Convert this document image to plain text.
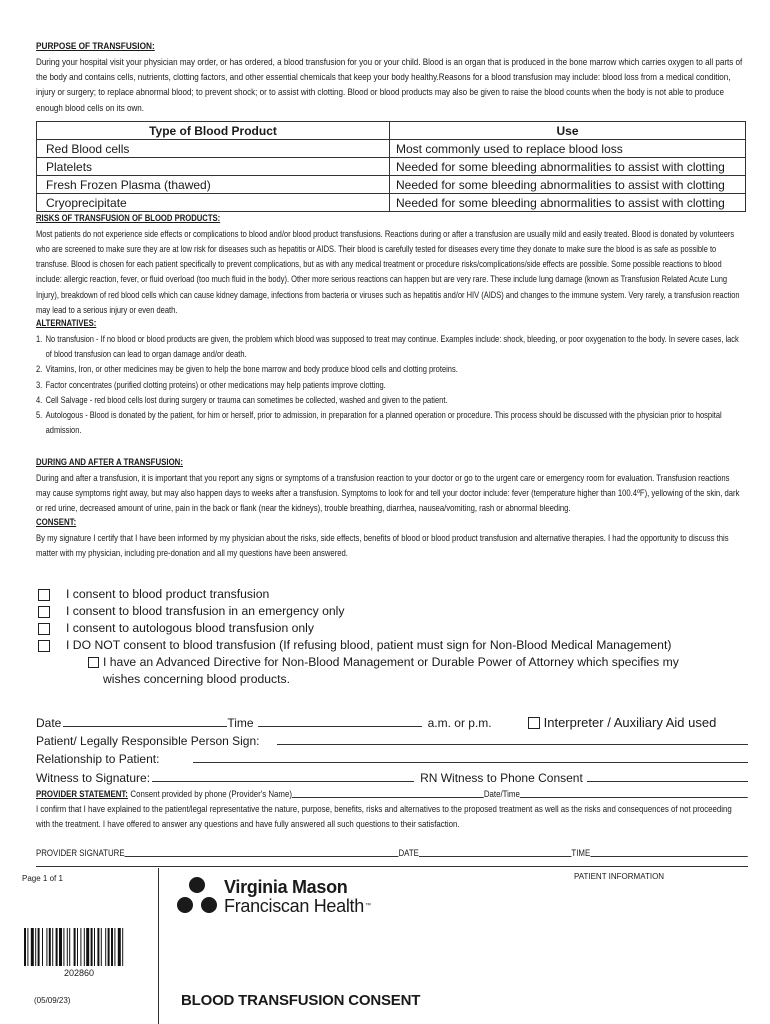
PURPOSE OF TRANSFUSION:

During your hospital visit your physician may order, or has ordered, a blood transfusion for you or your child. Blood is an organ that is produced in the bone marrow which carries oxygen to all parts of the body and contains cells, nutrients, clotting factors, and other essential chemicals that keep your body healthy.Reasons for a blood transfusion may include: blood loss from a medical condition, injury or surgery; to replace abnormal blood; to prevent shock; or to assist with clotting. Blood or blood products may also be given to raise the blood counts when the body is not able to produce enough blood cells on its own.

Type of Blood Product	Use
Red Blood cells	Most commonly used to replace blood loss
Platelets	Needed for some bleeding abnormalities to assist with clotting
Fresh Frozen Plasma (thawed)	Needed for some bleeding abnormalities to assist with clotting
Cryoprecipitate	Needed for some bleeding abnormalities to assist with clotting
RISKS OF TRANSFUSION OF BLOOD PRODUCTS:

Most patients do not experience side effects or complications to blood and/or blood product transfusions. Reactions during or after a transfusion are usually mild and easily treated. Blood is donated by volunteers who are screened to make sure they are at low risk for diseases such as hepatitis or AIDS. Their blood is carefully tested for diseases every time they donate to make sure the blood is as safe as possible to transfuse. Blood is chosen for each patient specifically to prevent complications, but as with any medical treatment or procedure risks/complications/side effects are possible. Some possible reactions to blood include: allergic reaction, fever, or fluid overload (too much fluid in the body). Other more serious reactions can happen but are very rare. These include lung damage (known as Transfusion Related Acute Lung Injury), breakdown of red blood cells which can cause kidney damage, infections from bacteria or viruses such as hepatitis and/or HIV (AIDS) and changes to the immune system. Very rarely, a transfusion reaction may lead to a serious injury or even death.

ALTERNATIVES:
1. No transfusion - If no blood or blood products are given, the problem which blood was supposed to treat may continue. Examples include: shock, bleeding, or poor oxygenation to the body. In severe cases, lack of blood transfusion can lead to organ damage and/or death.
2. Vitamins, Iron, or other medicines may be given to help the bone marrow and body produce blood cells and clotting proteins.
3. Factor concentrates (purified clotting proteins) or other medications may help patients improve clotting.
4. Cell Salvage - red blood cells lost during surgery or trauma can sometimes be collected, washed and given to the patient.
5. Autologous - Blood is donated by the patient, for him or herself, prior to admission, in preparation for a planned operation or procedure. This process should be discussed with the physician prior to hospital admission.
DURING AND AFTER A TRANSFUSION:

During and after a transfusion, it is important that you report any signs or symptoms of a transfusion reaction to your doctor or go to the urgent care or emergency room for evaluation. Transfusion reactions may cause symptoms right away, but may also happen days to weeks after a transfusion. Symptoms to look for and tell your doctor include: fever (temperature higher than 100.4ºF), yellowing of the skin, dark or red urine, decreased amount of urine, pain in the back or flank (near the kidneys), trouble breathing, diarrhea, nausea/vomiting, rash or abnormal bleeding.

CONSENT:

By my signature I certify that I have been informed by my physician about the risks, side effects, benefits of blood or blood product transfusion and alternative therapies. I had the opportunity to discuss this matter with my physician, including pre-donation and all my questions have been answered.

I consent to blood product transfusion
I consent to blood transfusion in an emergency only
I consent to autologous blood transfusion only
I DO NOT consent to blood transfusion (If refusing blood, patient must sign for Non-Blood Medical Management)
I have an Advanced Directive for Non-Blood Management or Durable Power of Attorney which specifies my wishes concerning blood products.
Date	Time	a.m. or p.m.	Interpreter / Auxiliary Aid used
Patient/ Legally Responsible Person Sign:
Relationship to Patient:
Witness to Signature:	RN Witness to Phone Consent
PROVIDER STATEMENT: Consent provided by phone (Provider's Name)	Date/Time

I confirm that I have explained to the patient/legal representative the nature, purpose, benefits, risks and alternatives to the proposed treatment as well as the risks and consequences of not proceeding with the treatment. I have offered to answer any questions and have fully answered all such questions to their satisfaction.

PROVIDER SIGNATURE	DATE	TIME
Page 1 of 1	PATIENT INFORMATION
Virginia Mason
Franciscan Health ™
202860
(05/09/23)	BLOOD TRANSFUSION CONSENT
